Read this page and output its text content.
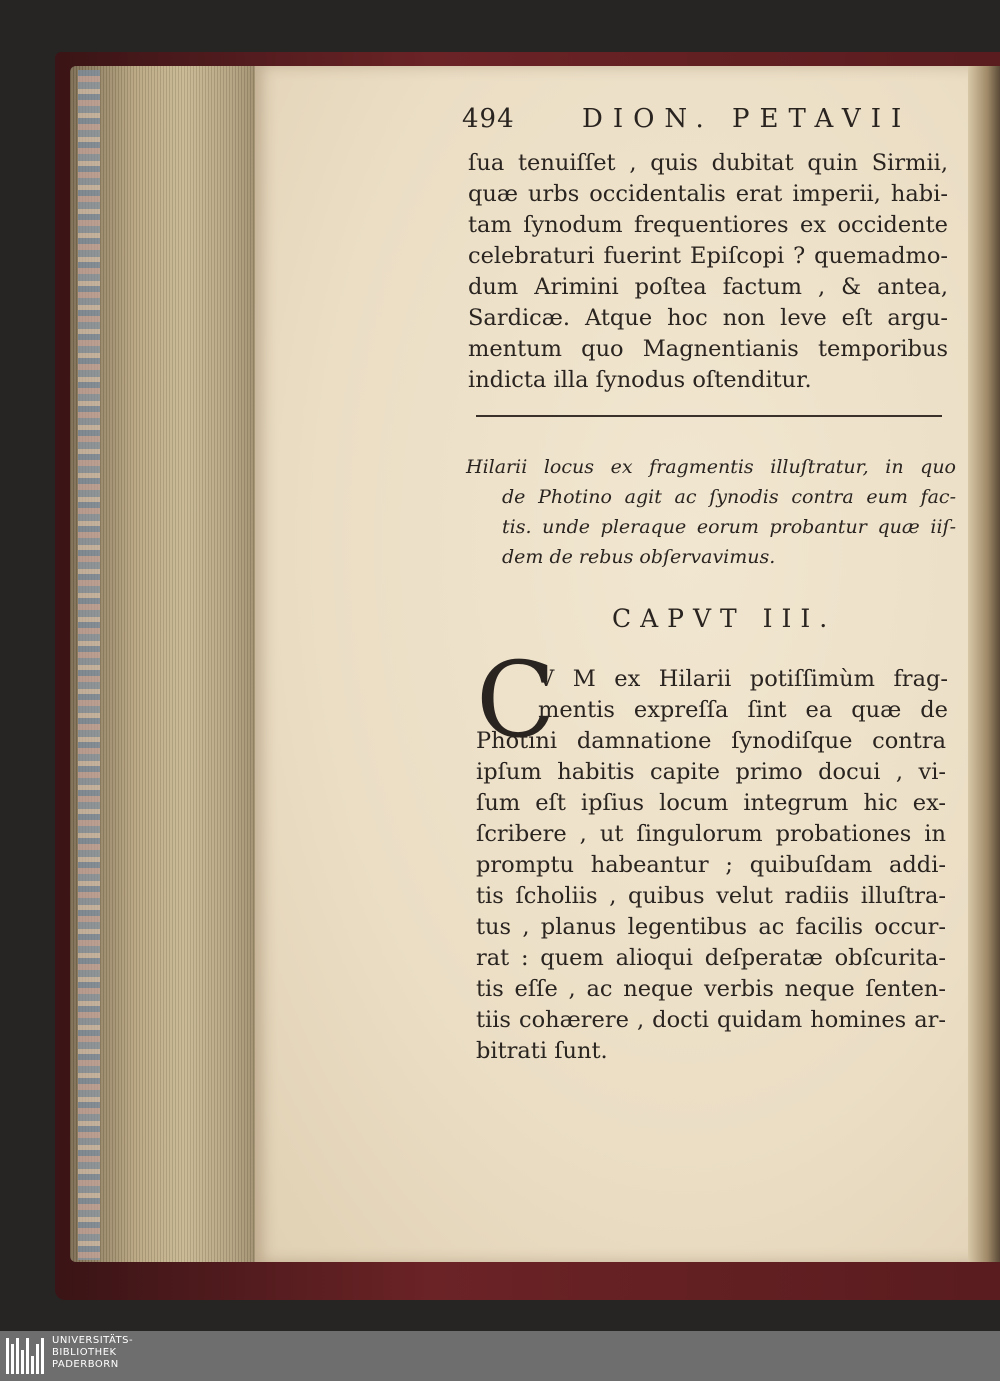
494	DION. PETAVII
ſua tenuiſſet , quis dubitat quin Sirmii,
quæ urbs occidentalis erat imperii, habi-
tam ſynodum frequentiores ex occidente
celebraturi fuerint Epiſcopi ? quemadmo-
dum Arimini poſtea factum , & antea,
Sardicæ. Atque hoc non leve eſt argu-
mentum quo Magnentianis temporibus
indicta illa ſynodus oſtenditur.
Hilarii locus ex fragmentis illuſtratur, in quo
de Photino agit ac ſynodis contra eum fac-
tis. unde pleraque eorum probantur quæ iiſ-
dem de rebus obſervavimus.
CAPVT III.
C
V M ex Hilarii potiſſimùm frag-
mentis expreſſa ſint ea quæ de
Photini damnatione ſynodiſque contra
ipſum habitis capite primo docui , vi-
ſum eſt ipſius locum integrum hic ex-
ſcribere , ut ſingulorum probationes in
promptu habeantur ; quibuſdam addi-
tis ſcholiis , quibus velut radiis illuſtra-
tus , planus legentibus ac facilis occur-
rat : quem alioqui deſperatæ obſcurita-
tis eſſe , ac neque verbis neque ſenten-
tiis cohærere , docti quidam homines ar-
bitrati ſunt.
UNIVERSITÄTS-
BIBLIOTHEK
PADERBORN
